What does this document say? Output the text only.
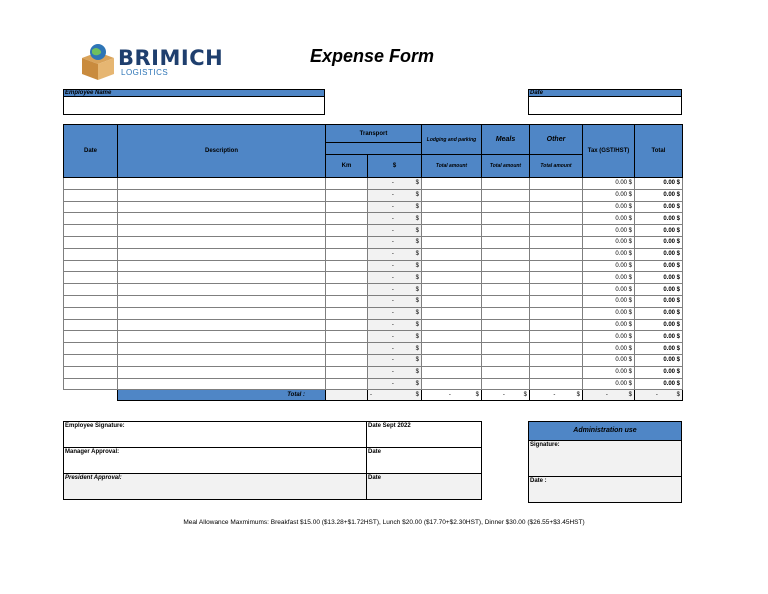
BRIMICH
LOGISTICS
Expense Form
Employee Name	Date
Date	Description	Transport		Lodging and parking	Meals	Other	Tax (GST/HST)	Total

		Km	$	Total amount	Total amount	Total amount		

			- $				0.00 $	0.00 $

			- $				0.00 $	0.00 $

			- $				0.00 $	0.00 $

			- $				0.00 $	0.00 $

			- $				0.00 $	0.00 $

			- $				0.00 $	0.00 $

			- $				0.00 $	0.00 $

			- $				0.00 $	0.00 $

			- $				0.00 $	0.00 $

			- $				0.00 $	0.00 $

			- $				0.00 $	0.00 $

			- $				0.00 $	0.00 $

			- $				0.00 $	0.00 $

			- $				0.00 $	0.00 $

			- $				0.00 $	0.00 $

			- $				0.00 $	0.00 $

			- $				0.00 $	0.00 $

			- $				0.00 $	0.00 $
	Total :		- $	- $	- $	- $	- $	- $
Employee Signature:	Date Sept 2022
Manager Approval:	Date
President Approval:	Date
Administration use
Signature:
Date :
Meal Allowance Maxmimums: Breakfast $15.00 ($13.28+$1.72HST), Lunch $20.00 ($17.70+$2.30HST), Dinner $30.00 ($26.55+$3.45HST)
